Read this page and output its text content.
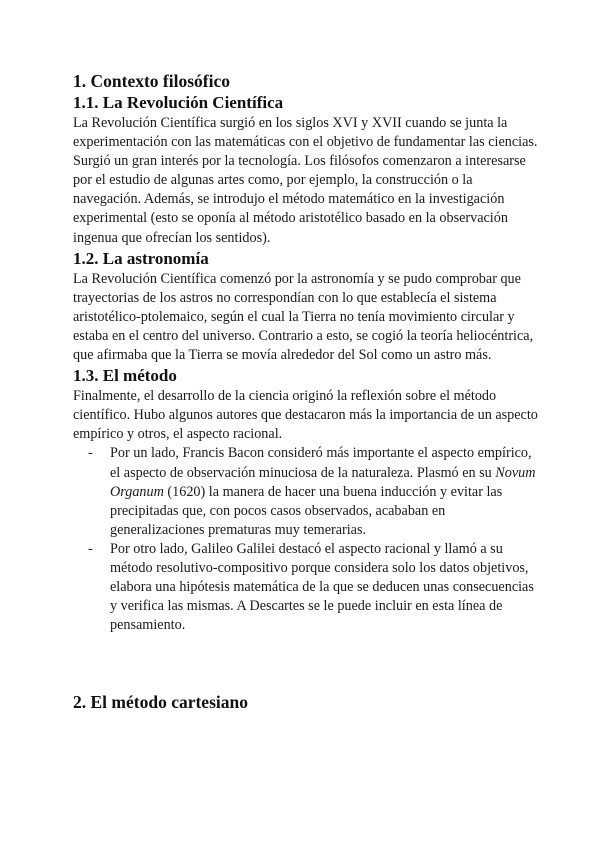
1. Contexto filosófico
1.1. La Revolución Científica

La Revolución Científica surgió en los siglos XVI y XVII cuando se junta la experimentación con las matemáticas con el objetivo de fundamentar las ciencias.

Surgió un gran interés por la tecnología. Los filósofos comenzaron a interesarse por el estudio de algunas artes como, por ejemplo, la construcción o la navegación. Además, se introdujo el método matemático en la investigación experimental (esto se oponía al método aristotélico basado en la observación ingenua que ofrecían los sentidos).

1.2. La astronomía

La Revolución Científica comenzó por la astronomía y se pudo comprobar que trayectorias de los astros no correspondían con lo que establecía el sistema aristotélico-ptolemaico, según el cual la Tierra no tenía movimiento circular y estaba en el centro del universo. Contrario a esto, se cogió la teoría heliocéntrica, que afirmaba que la Tierra se movía alrededor del Sol como un astro más.

1.3. El método

Finalmente, el desarrollo de la ciencia originó la reflexión sobre el método científico. Hubo algunos autores que destacaron más la importancia de un aspecto empírico y otros, el aspecto racional.

- Por un lado, Francis Bacon consideró más importante el aspecto empírico, el aspecto de observación minuciosa de la naturaleza. Plasmó en su Novum Organum (1620) la manera de hacer una buena inducción y evitar las precipitadas que, con pocos casos observados, acababan en generalizaciones prematuras muy temerarias.
- Por otro lado, Galileo Galilei destacó el aspecto racional y llamó a su método resolutivo-compositivo porque considera solo los datos objetivos, elabora una hipótesis matemática de la que se deducen unas consecuencias y verifica las mismas. A Descartes se le puede incluir en esta línea de pensamiento.
2. El método cartesiano
